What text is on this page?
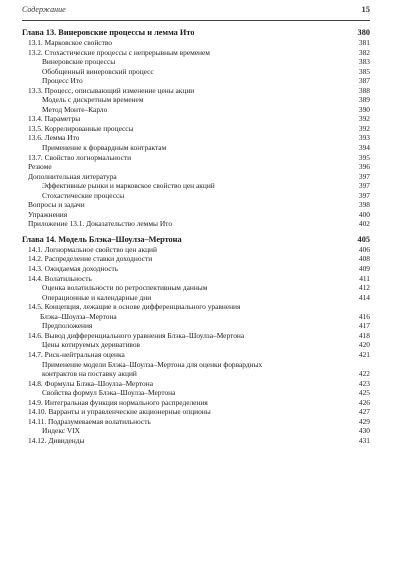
Содержание	15
Глава 13. Винеровские процессы и лемма Ито	380
13.1. Марковское свойство	381
13.2. Стохастические процессы с непрерывным временем	382
Винеровские процессы	383
Обобщенный винеровский процесс	385
Процесс Ито	387
13.3. Процесс, описывающий изменение цены акции	388
Модель с дискретным временем	389
Метод Монте–Карло	390
13.4. Параметры	392
13.5. Коррелированные процессы	392
13.6. Лемма Ито	393
Применение к форвардным контрактам	394
13.7. Свойство логнормальности	395
Резюме	396
Дополнительная литература	397
Эффективные рынки и марковское свойство цен акций	397
Стохастические процессы	397
Вопросы и задачи	398
Упражнения	400
Приложение 13.1. Доказательство леммы Ито	402
Глава 14. Модель Блэка–Шоулза–Мертона	405
14.1. Логнормальное свойство цен акций	406
14.2. Распределение ставки доходности	408
14.3. Ожидаемая доходность	409
14.4. Волатильность	411
Оценка волатильности по ретроспективным данным	412
Операционные и календарные дни	414
14.5. Концепция, лежащие в основе дифференциального уравнения
Блэка–Шоулза–Мертона	416
Предположения	417
14.6. Вывод дифференциального уравнения Блэка–Шоулза–Мертона	418
Цены котируемых деривативов	420
14.7. Риск-нейтральная оценка	421
Применение модели Блэка–Шоулза–Мертона для оценки форвардных
контрактов на поставку акций	422
14.8. Формулы Блэка–Шоулза–Мертона	423
Свойства формул Блэка–Шоулза–Мертона	425
14.9. Интегральная функция нормального распределения	426
14.10. Варранты и управленческие акционерные опционы	427
14.11. Подразумеваемая волатильность	429
Индекс VIX	430
14.12. Дивиденды	431
